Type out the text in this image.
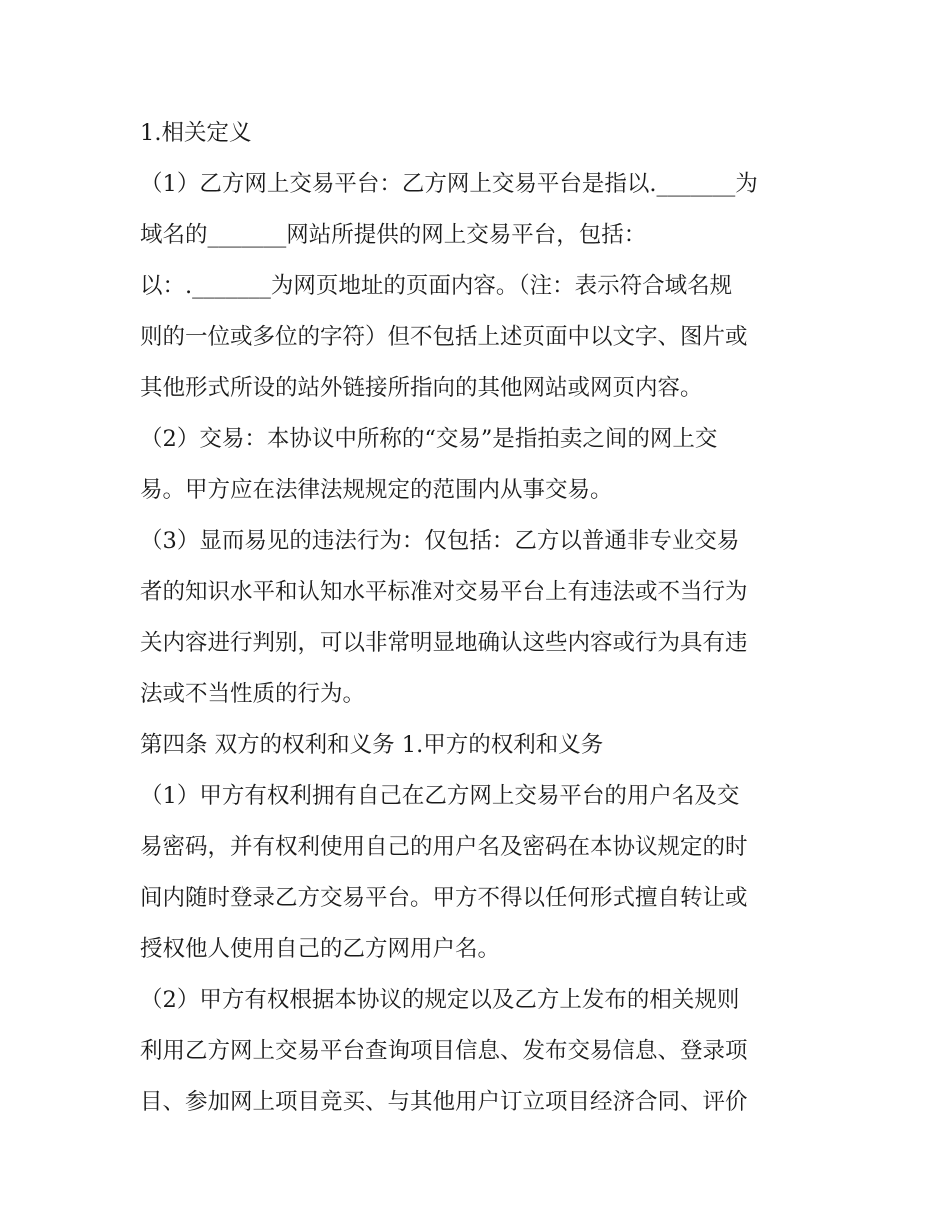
1.相关定义
（1）乙方网上交易平台：乙方网上交易平台是指以._______为
域名的_______网站所提供的网上交易平台，包括：
以：._______为网页地址的页面内容。（注：表示符合域名规
则的一位或多位的字符）但不包括上述页面中以文字、图片或
其他形式所设的站外链接所指向的其他网站或网页内容。
（2）交易：本协议中所称的“交易”是指拍卖之间的网上交
易。甲方应在法律法规规定的范围内从事交易。
（3）显而易见的违法行为：仅包括：乙方以普通非专业交易
者的知识水平和认知水平标准对交易平台上有违法或不当行为
关内容进行判别，可以非常明显地确认这些内容或行为具有违
法或不当性质的行为。
第四条 双方的权利和义务 1.甲方的权利和义务
（1）甲方有权利拥有自己在乙方网上交易平台的用户名及交
易密码，并有权利使用自己的用户名及密码在本协议规定的时
间内随时登录乙方交易平台。甲方不得以任何形式擅自转让或
授权他人使用自己的乙方网用户名。
（2）甲方有权根据本协议的规定以及乙方上发布的相关规则
利用乙方网上交易平台查询项目信息、发布交易信息、登录项
目、参加网上项目竞买、与其他用户订立项目经济合同、评价
